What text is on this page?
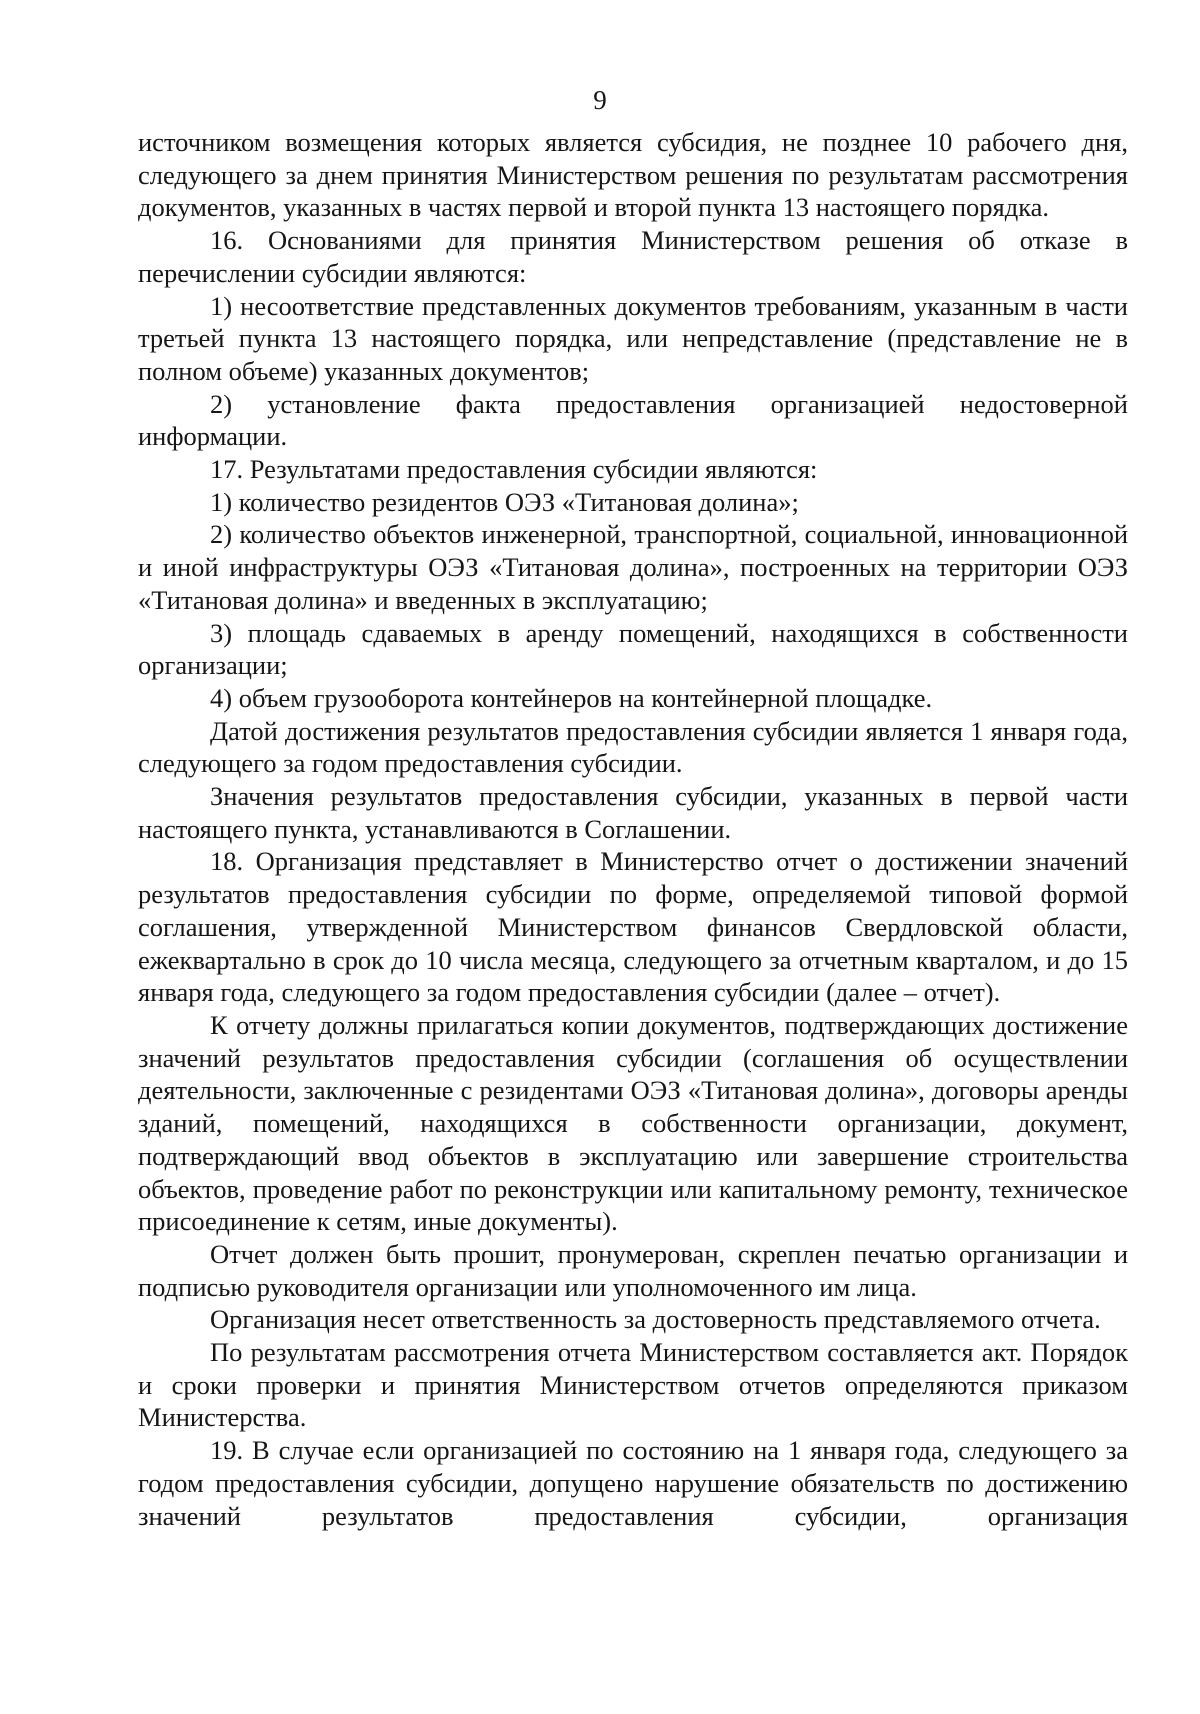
9

источником возмещения которых является субсидия, не позднее 10 рабочего дня, следующего за днем принятия Министерством решения по результатам рассмотрения документов, указанных в частях первой и второй пункта 13 настоящего порядка.

16. Основаниями для принятия Министерством решения об отказе в перечислении субсидии являются:

1) несоответствие представленных документов требованиям, указанным в части третьей пункта 13 настоящего порядка, или непредставление (представление не в полном объеме) указанных документов;

2) установление факта предоставления организацией недостоверной информации.

17. Результатами предоставления субсидии являются:

1) количество резидентов ОЭЗ «Титановая долина»;

2) количество объектов инженерной, транспортной, социальной, инновационной и иной инфраструктуры ОЭЗ «Титановая долина», построенных на территории ОЭЗ «Титановая долина» и введенных в эксплуатацию;

3) площадь сдаваемых в аренду помещений, находящихся в собственности организации;

4) объем грузооборота контейнеров на контейнерной площадке.

Датой достижения результатов предоставления субсидии является 1 января года, следующего за годом предоставления субсидии.

Значения результатов предоставления субсидии, указанных в первой части настоящего пункта, устанавливаются в Соглашении.

18. Организация представляет в Министерство отчет о достижении значений результатов предоставления субсидии по форме, определяемой типовой формой соглашения, утвержденной Министерством финансов Свердловской области, ежеквартально в срок до 10 числа месяца, следующего за отчетным кварталом, и до 15 января года, следующего за годом предоставления субсидии (далее – отчет).

К отчету должны прилагаться копии документов, подтверждающих достижение значений результатов предоставления субсидии (соглашения об осуществлении деятельности, заключенные с резидентами ОЭЗ «Титановая долина», договоры аренды зданий, помещений, находящихся в собственности организации, документ, подтверждающий ввод объектов в эксплуатацию или завершение строительства объектов, проведение работ по реконструкции или капитальному ремонту, техническое присоединение к сетям, иные документы).

Отчет должен быть прошит, пронумерован, скреплен печатью организации и подписью руководителя организации или уполномоченного им лица.

Организация несет ответственность за достоверность представляемого отчета.

По результатам рассмотрения отчета Министерством составляется акт. Порядок и сроки проверки и принятия Министерством отчетов определяются приказом Министерства.

19. В случае если организацией по состоянию на 1 января года, следующего за годом предоставления субсидии, допущено нарушение обязательств по достижению значений результатов предоставления субсидии, организация
